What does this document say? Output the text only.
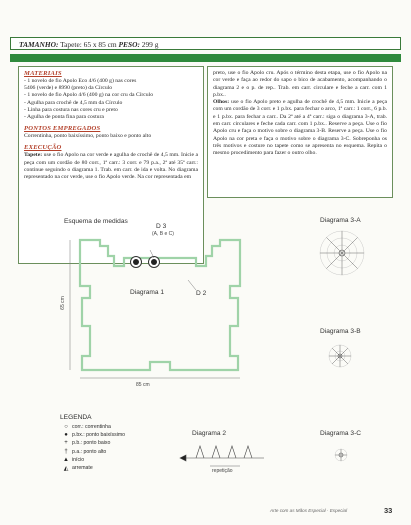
TAMANHO: Tapete: 65 x 85 cm PESO: 299 g

MATERIAIS

- 1 novelo de fio Apolo Eco 4/6 (400 g) nas cores

5406 (verde) e 8990 (preto) da Círculo

- 1 novelo de fio Apolo 4/6 (400 g) na cor cru da Círculo

- Agulha para crochê de 4,5 mm da Círculo

- Linha para costura nas cores cru e preto

- Agulha de ponta fina para costura

PONTOS EMPREGADOS

Correntinha, ponto baixíssimo, ponto baixo e ponto alto

EXECUÇÃO

Tapete: use o fio Apolo na cor verde e agulha de crochê de 4,5 mm. Inicie a peça com um cordão de 80 corr., 1ª carr.: 3 corr. e 79 p.a., 2ª até 35ª carr.: continue seguindo o diagrama 1. Trab. em carr. de ida e volta. No diagrama representado na cor verde, use o fio Apolo verde. Na cor representada em

preto, use o fio Apolo cru. Após o término desta etapa, use o fio Apolo na cor verde e faça ao redor do sapo o bico de acabamento, acompanhando o diagrama 2 e o p. de rep.. Trab. em carr. circulare e feche a carr. com 1 p.bx..

Olhos: use o fio Apolo preto e agulha de crochê de 4,5 mm. Inicie a peça com um cordão de 3 corr. e 1 p.bx. para fechar o arco, 1ª carr.: 1 corr., 6 p.b. e 1 p.bx. para fechar a carr.. Da 2ª até a 4ª carr.: siga o diagrama 3-A, trab. em carr. circulares e feche cada carr. com 1 p.bx.. Reserve a peça. Use o fio Apolo cru e faça o motivo sobre o diagrama 3-B. Reserve a peça. Use o fio Apolo na cor preta e faça o motivo sobre o diagrama 3-C. Sobreponha os três motivos e costure no tapete como se apresenta no esquema. Repita o mesmo procedimento para fazer o outro olho.

Esquema de medidas
D 3
(A, B e C)
D 2
Diagrama 1
65 cm
85 cm
Diagrama 3-A
Diagrama 3-B
Diagrama 2
repetição
Diagrama 3-C
LEGENDA
○ corr.: correntinha
● p.bx.: ponto baixíssimo
+ p.b.: ponto baixo
† p.a.: ponto alto
▲ início
◭ arremate
Arte com as Mãos Especial · Especial	33
